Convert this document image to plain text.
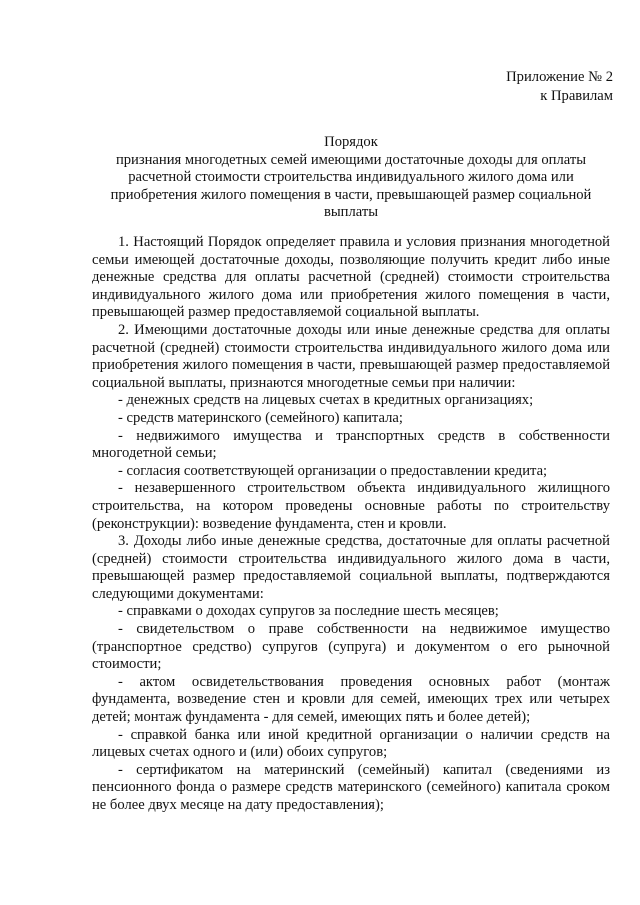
Приложение № 2
к Правилам
Порядок
признания многодетных семей имеющими достаточные доходы для оплаты расчетной стоимости строительства индивидуального жилого дома или приобретения жилого помещения в части, превышающей размер социальной выплаты

1. Настоящий Порядок определяет правила и условия признания многодетной семьи имеющей достаточные доходы, позволяющие получить кредит либо иные денежные средства для оплаты расчетной (средней) стоимости строительства индивидуального жилого дома или приобретения жилого помещения в части, превышающей размер предоставляемой социальной выплаты.

2. Имеющими достаточные доходы или иные денежные средства для оплаты расчетной (средней) стоимости строительства индивидуального жилого дома или приобретения жилого помещения в части, превышающей размер предоставляемой социальной выплаты, признаются многодетные семьи при наличии:

- денежных средств на лицевых счетах в кредитных организациях;

- средств материнского (семейного) капитала;

- недвижимого имущества и транспортных средств в собственности многодетной семьи;

- согласия соответствующей организации о предоставлении кредита;

- незавершенного строительством объекта индивидуального жилищного строительства, на котором проведены основные работы по строительству (реконструкции): возведение фундамента, стен и кровли.

3. Доходы либо иные денежные средства, достаточные для оплаты расчетной (средней) стоимости строительства индивидуального жилого дома в части, превышающей размер предоставляемой социальной выплаты, подтверждаются следующими документами:

- справками о доходах супругов за последние шесть месяцев;

- свидетельством о праве собственности на недвижимое имущество (транспортное средство) супругов (супруга) и документом о его рыночной стоимости;

- актом освидетельствования проведения основных работ (монтаж фундамента, возведение стен и кровли для семей, имеющих трех или четырех детей; монтаж фундамента - для семей, имеющих пять и более детей);

- справкой банка или иной кредитной организации о наличии средств на лицевых счетах одного и (или) обоих супругов;

- сертификатом на материнский (семейный) капитал (сведениями из пенсионного фонда о размере средств материнского (семейного) капитала сроком не более двух месяце на дату предоставления);
